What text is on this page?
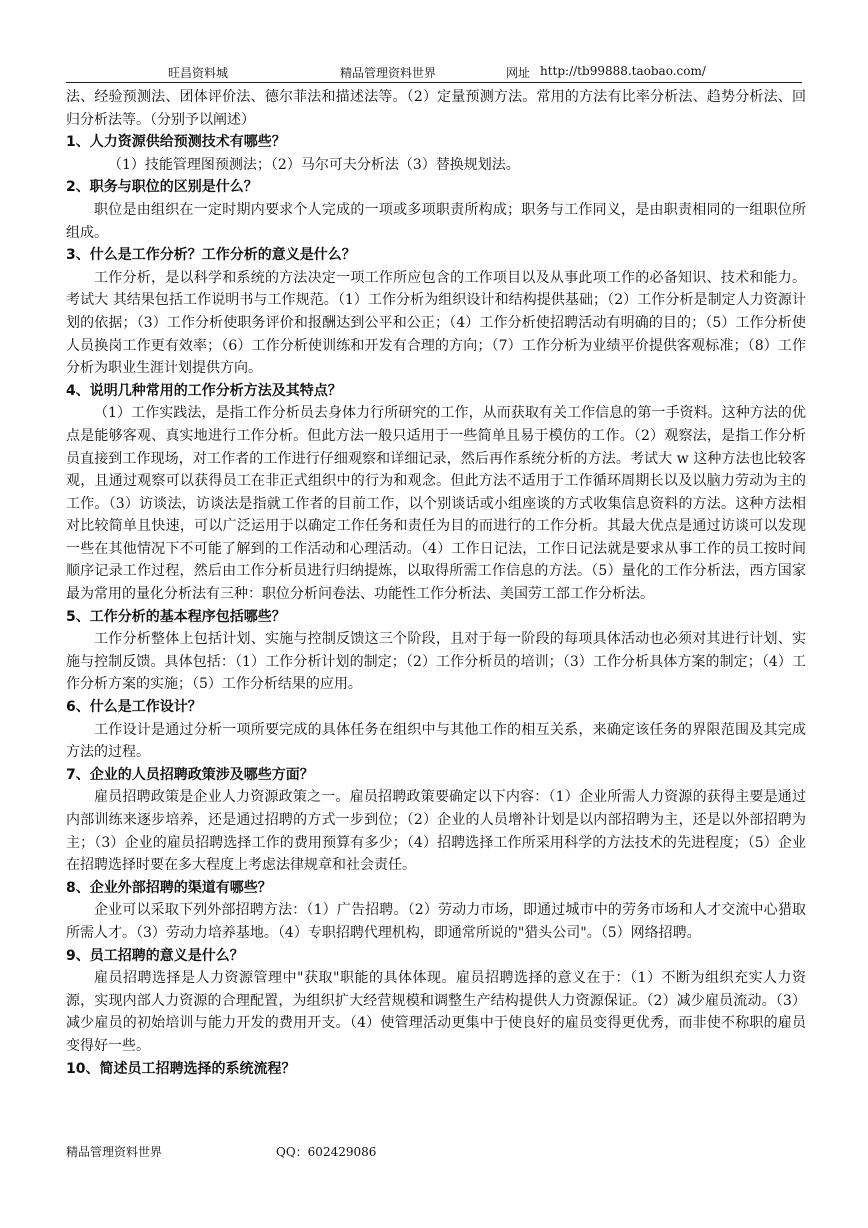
旺昌资料城	精品管理资料世界	网址 http://tb99888.taobao.com/

法、经验预测法、团体评价法、德尔菲法和描述法等。（2）定量预测方法。常用的方法有比率分析法、趋势分析法、回归分析法等。（分别予以阐述）

1、人力资源供给预测技术有哪些？

（1）技能管理图预测法；（2）马尔可夫分析法（3）替换规划法。

2、职务与职位的区别是什么？

职位是由组织在一定时期内要求个人完成的一项或多项职责所构成；职务与工作同义，是由职责相同的一组职位所组成。

3、什么是工作分析？工作分析的意义是什么？

工作分析，是以科学和系统的方法决定一项工作所应包含的工作项目以及从事此项工作的必备知识、技术和能力。考试大 其结果包括工作说明书与工作规范。（1）工作分析为组织设计和结构提供基础；（2）工作分析是制定人力资源计划的依据；（3）工作分析使职务评价和报酬达到公平和公正；（4）工作分析使招聘活动有明确的目的；（5）工作分析使人员换岗工作更有效率；（6）工作分析使训练和开发有合理的方向；（7）工作分析为业绩平价提供客观标准；（8）工作分析为职业生涯计划提供方向。

4、说明几种常用的工作分析方法及其特点？

（1）工作实践法，是指工作分析员去身体力行所研究的工作，从而获取有关工作信息的第一手资料。这种方法的优点是能够客观、真实地进行工作分析。但此方法一般只适用于一些简单且易于模仿的工作。（2）观察法，是指工作分析员直接到工作现场，对工作者的工作进行仔细观察和详细记录，然后再作系统分析的方法。考试大 w 这种方法也比较客观，且通过观察可以获得员工在非正式组织中的行为和观念。但此方法不适用于工作循环周期长以及以脑力劳动为主的工作。（3）访谈法，访谈法是指就工作者的目前工作，以个别谈话或小组座谈的方式收集信息资料的方法。这种方法相对比较简单且快速，可以广泛运用于以确定工作任务和责任为目的而进行的工作分析。其最大优点是通过访谈可以发现一些在其他情况下不可能了解到的工作活动和心理活动。（4）工作日记法，工作日记法就是要求从事工作的员工按时间顺序记录工作过程，然后由工作分析员进行归纳提炼，以取得所需工作信息的方法。（5）量化的工作分析法，西方国家最为常用的量化分析法有三种：职位分析问卷法、功能性工作分析法、美国劳工部工作分析法。

5、工作分析的基本程序包括哪些？

工作分析整体上包括计划、实施与控制反馈这三个阶段，且对于每一阶段的每项具体活动也必须对其进行计划、实施与控制反馈。具体包括：（1）工作分析计划的制定；（2）工作分析员的培训；（3）工作分析具体方案的制定；（4）工作分析方案的实施；（5）工作分析结果的应用。

6、什么是工作设计？

工作设计是通过分析一项所要完成的具体任务在组织中与其他工作的相互关系，来确定该任务的界限范围及其完成方法的过程。

7、企业的人员招聘政策涉及哪些方面？

雇员招聘政策是企业人力资源政策之一。雇员招聘政策要确定以下内容：（1）企业所需人力资源的获得主要是通过内部训练来逐步培养，还是通过招聘的方式一步到位；（2）企业的人员增补计划是以内部招聘为主，还是以外部招聘为主；（3）企业的雇员招聘选择工作的费用预算有多少；（4）招聘选择工作所采用科学的方法技术的先进程度；（5）企业在招聘选择时要在多大程度上考虑法律规章和社会责任。

8、企业外部招聘的渠道有哪些？

企业可以采取下列外部招聘方法：（1）广告招聘。（2）劳动力市场，即通过城市中的劳务市场和人才交流中心猎取所需人才。（3）劳动力培养基地。（4）专职招聘代理机构，即通常所说的"猎头公司"。（5）网络招聘。

9、员工招聘的意义是什么？

雇员招聘选择是人力资源管理中"获取"职能的具体体现。雇员招聘选择的意义在于：（1）不断为组织充实人力资源，实现内部人力资源的合理配置，为组织扩大经营规模和调整生产结构提供人力资源保证。（2）减少雇员流动。（3）减少雇员的初始培训与能力开发的费用开支。（4）使管理活动更集中于使良好的雇员变得更优秀，而非使不称职的雇员变得好一些。

10、简述员工招聘选择的系统流程？

精品管理资料世界	QQ：602429086
